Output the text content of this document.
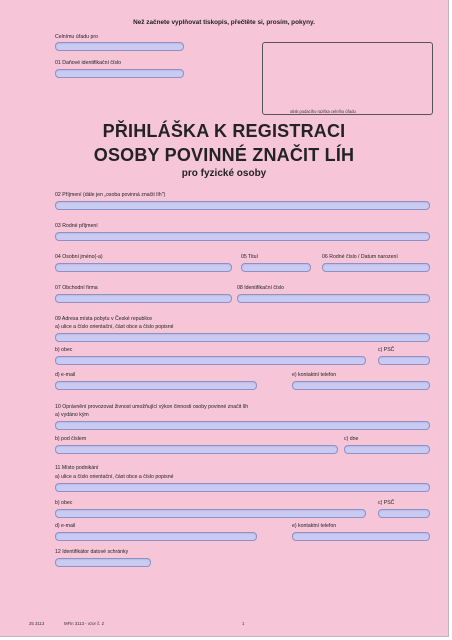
Než začnete vyplňovat tiskopis, přečtěte si, prosím, pokyny.
Celnímu úřadu pro
01 Daňové identifikační číslo
otisk podacího razítka celního úřadu
PŘIHLÁŠKA K REGISTRACI
OSOBY POVINNÉ ZNAČIT LÍH
pro fyzické osoby
02 Příjmení (dále jen „osoba povinná značit líh")
03 Rodné příjmení
04 Osobní jméno(-a)	05 Titul	06 Rodné číslo / Datum narození
07 Obchodní firma	08 Identifikační číslo
09 Adresa místa pobytu v České republice
a) ulice a číslo orientační, část obce a číslo popisné
b) obec	c) PSČ
d) e-mail	e) kontaktní telefon
10 Oprávnění provozovat živnost umožňující výkon činnosti osoby povinné značit líh
a) vydáno kým
b) pod číslem	c) dne
11 Místo podnikání
a) ulice a číslo orientační, část obce a číslo popisné
b) obec	c) PSČ
d) e-mail	e) kontaktní telefon
12 Identifikátor datové schránky
25 3113	MFin 3113 - vzor č. 2	1
